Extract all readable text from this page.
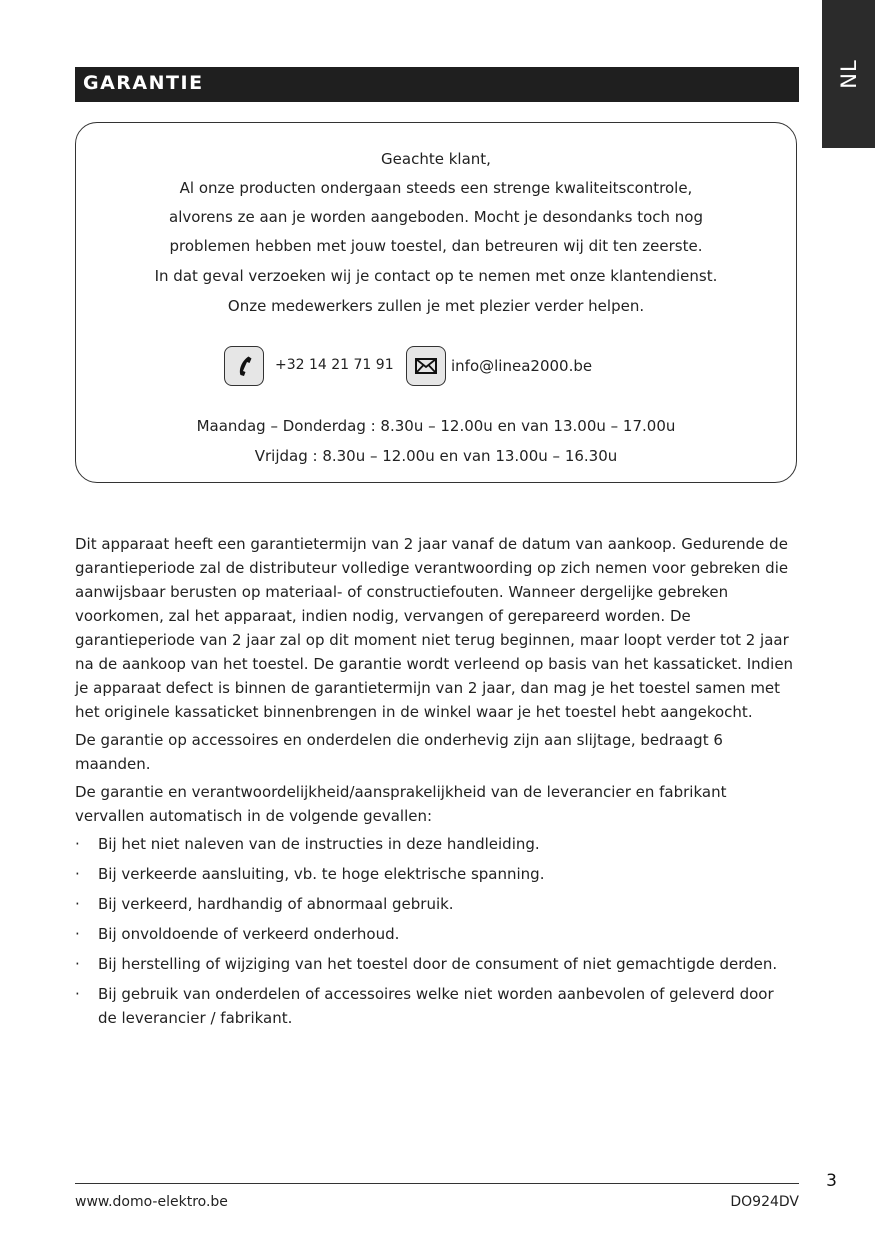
NL
GARANTIE
Geachte klant,
Al onze producten ondergaan steeds een strenge kwaliteitscontrole,
alvorens ze aan je worden aangeboden. Mocht je desondanks toch nog
problemen hebben met jouw toestel, dan betreuren wij dit ten zeerste.
In dat geval verzoeken wij je contact op te nemen met onze klantendienst.
Onze medewerkers zullen je met plezier verder helpen.
+32 14 21 71 91	info@linea2000.be
Maandag – Donderdag : 8.30u – 12.00u en van 13.00u – 17.00u
Vrijdag : 8.30u – 12.00u en van 13.00u – 16.30u

Dit apparaat heeft een garantietermijn van 2 jaar vanaf de datum van aankoop. Gedurende de garantieperiode zal de distributeur volledige verantwoording op zich nemen voor gebreken die aanwijsbaar berusten op materiaal- of constructiefouten. Wanneer dergelijke gebreken voorkomen, zal het apparaat, indien nodig, vervangen of gerepareerd worden. De garantieperiode van 2 jaar zal op dit moment niet terug beginnen, maar loopt verder tot 2 jaar na de aankoop van het toestel. De garantie wordt verleend op basis van het kassaticket. Indien je apparaat defect is binnen de garantietermijn van 2 jaar, dan mag je het toestel samen met het originele kassaticket binnenbrengen in de winkel waar je het toestel hebt aangekocht.

De garantie op accessoires en onderdelen die onderhevig zijn aan slijtage, bedraagt 6 maanden.

De garantie en verantwoordelijkheid/aansprakelijkheid van de leverancier en fabrikant vervallen automatisch in de volgende gevallen:

· Bij het niet naleven van de instructies in deze handleiding.
· Bij verkeerde aansluiting, vb. te hoge elektrische spanning.
· Bij verkeerd, hardhandig of abnormaal gebruik.
· Bij onvoldoende of verkeerd onderhoud.
· Bij herstelling of wijziging van het toestel door de consument of niet gemachtigde derden.
· Bij gebruik van onderdelen of accessoires welke niet worden aanbevolen of geleverd door de leverancier / fabrikant.
3
www.domo-elektro.be	DO924DV
